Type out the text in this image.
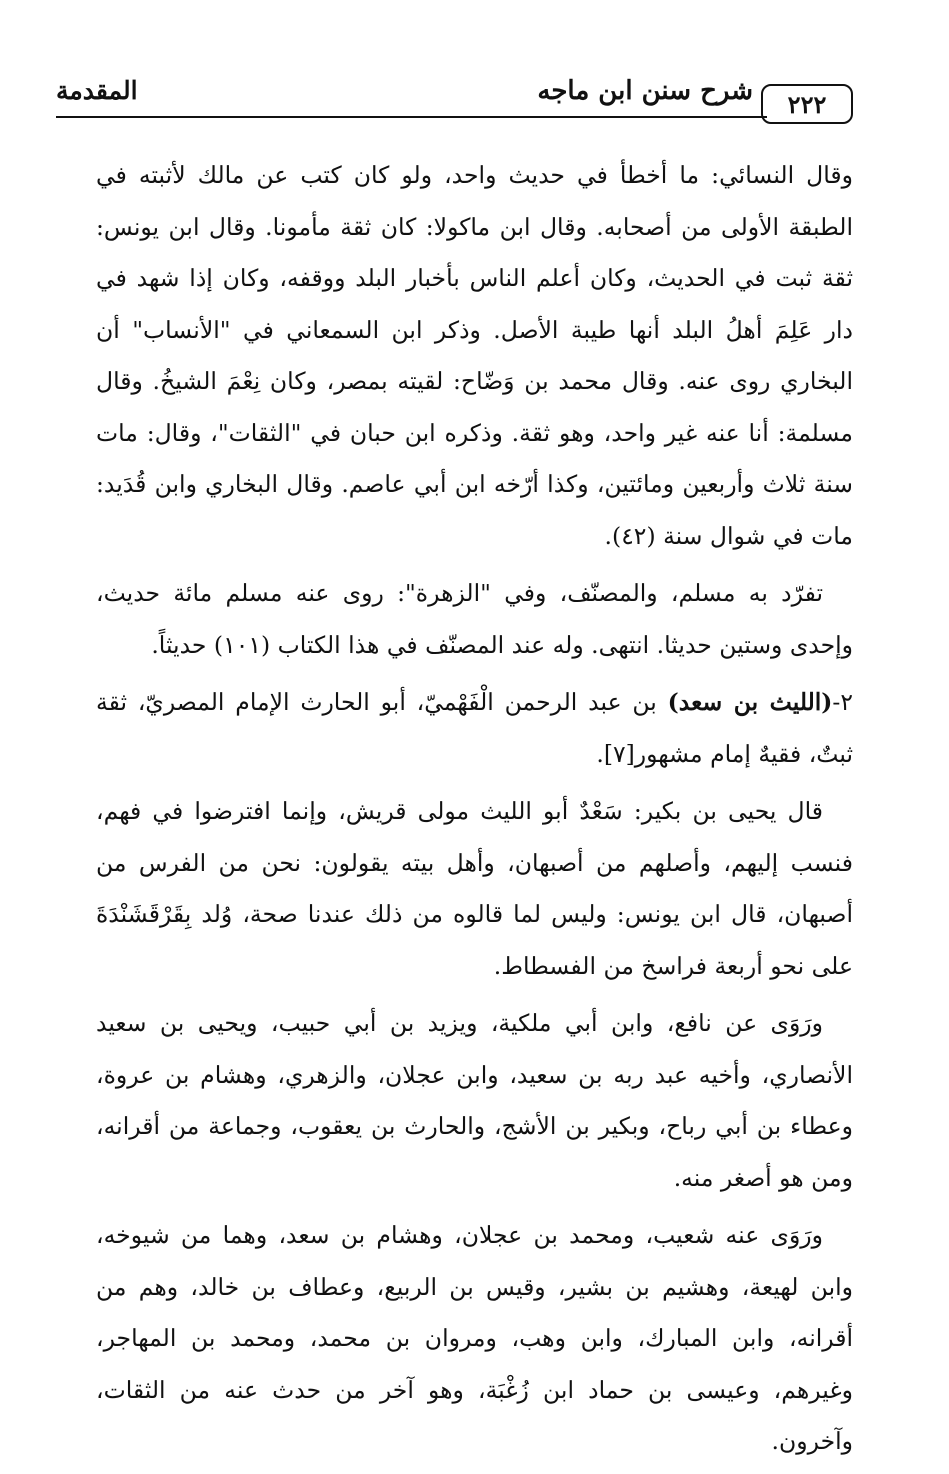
٢٢٢
شرح سنن ابن ماجه
المقدمة

وقال النسائي: ما أخطأ في حديث واحد، ولو كان كتب عن مالك لأثبته في الطبقة الأولى من أصحابه. وقال ابن ماكولا: كان ثقة مأمونا. وقال ابن يونس: ثقة ثبت في الحديث، وكان أعلم الناس بأخبار البلد ووقفه، وكان إذا شهد في دار عَلِمَ أهلُ البلد أنها طيبة الأصل. وذكر ابن السمعاني في "الأنساب" أن البخاري روى عنه. وقال محمد بن وَضّاح: لقيته بمصر، وكان نِعْمَ الشيخُ. وقال مسلمة: أنا عنه غير واحد، وهو ثقة. وذكره ابن حبان في "الثقات"، وقال: مات سنة ثلاث وأربعين ومائتين، وكذا أرّخه ابن أبي عاصم. وقال البخاري وابن قُدَيد: مات في شوال سنة (٤٢).

تفرّد به مسلم، والمصنّف، وفي "الزهرة": روى عنه مسلم مائة حديث، وإحدى وستين حديثا. انتهى. وله عند المصنّف في هذا الكتاب (١٠١) حديثاً.

٢-(الليث بن سعد) بن عبد الرحمن الْفَهْميّ، أبو الحارث الإمام المصريّ، ثقة ثبتٌ، فقيهٌ إمام مشهور[٧].

قال يحيى بن بكير: سَعْدٌ أبو الليث مولى قريش، وإنما افترضوا في فهم، فنسب إليهم، وأصلهم من أصبهان، وأهل بيته يقولون: نحن من الفرس من أصبهان، قال ابن يونس: وليس لما قالوه من ذلك عندنا صحة، وُلد بِقَرْقَشَنْدَةَ على نحو أربعة فراسخ من الفسطاط.

ورَوَى عن نافع، وابن أبي ملكية، ويزيد بن أبي حبيب، ويحيى بن سعيد الأنصاري، وأخيه عبد ربه بن سعيد، وابن عجلان، والزهري، وهشام بن عروة، وعطاء بن أبي رباح، وبكير بن الأشج، والحارث بن يعقوب، وجماعة من أقرانه، ومن هو أصغر منه.

ورَوَى عنه شعيب، ومحمد بن عجلان، وهشام بن سعد، وهما من شيوخه، وابن لهيعة، وهشيم بن بشير، وقيس بن الربيع، وعطاف بن خالد، وهم من أقرانه، وابن المبارك، وابن وهب، ومروان بن محمد، ومحمد بن المهاجر، وغيرهم، وعيسى بن حماد ابن زُغْبَة، وهو آخر من حدث عنه من الثقات، وآخرون.
